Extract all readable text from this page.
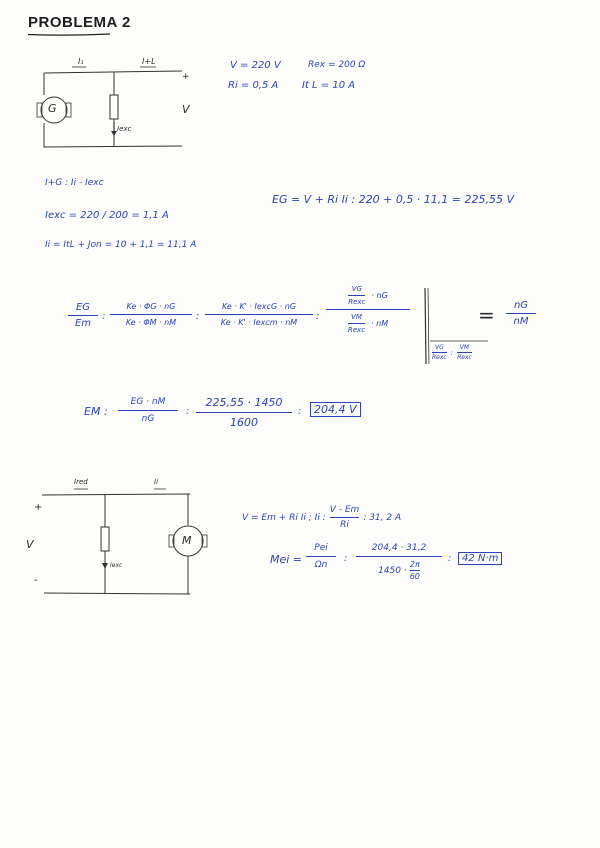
PROBLEMA 2
G
I₁	I+L
Iexc
+
V
V = 220 V	Rex = 200 Ω
Ri = 0,5 A It L = 10 A
I+G : Ii - Iexc
EG = V + Ri Ii : 220 + 0,5 · 11,1 = 225,55 V
Iexc = 220 / 200 = 1,1 A
Ii = ItL + Jon = 10 + 1,1 = 11,1 A
EG
Em
:
Ke · ΦG · nG
Ke · ΦM · nM
:
Ke · K' · IexcG · nG
Ke · K' · Iexcm · nM
:
VG
Rexc
· nG
VM
Rexc
· nM
VG
Rexc
:
VM
Rexc
=	nG
nM
EM :
EG · nM
nG
:
225,55 · 1450
1600
:	204,4 V
M
Ired	Ii
Iexc
+
V
-
V = Em + Ri Ii ; Ii :
V - Em
Ri
: 31, 2 A
Mei =
Pei
Ωn
:
204,4 · 31,2
1450 ·
2π
60
:	42 N·m
